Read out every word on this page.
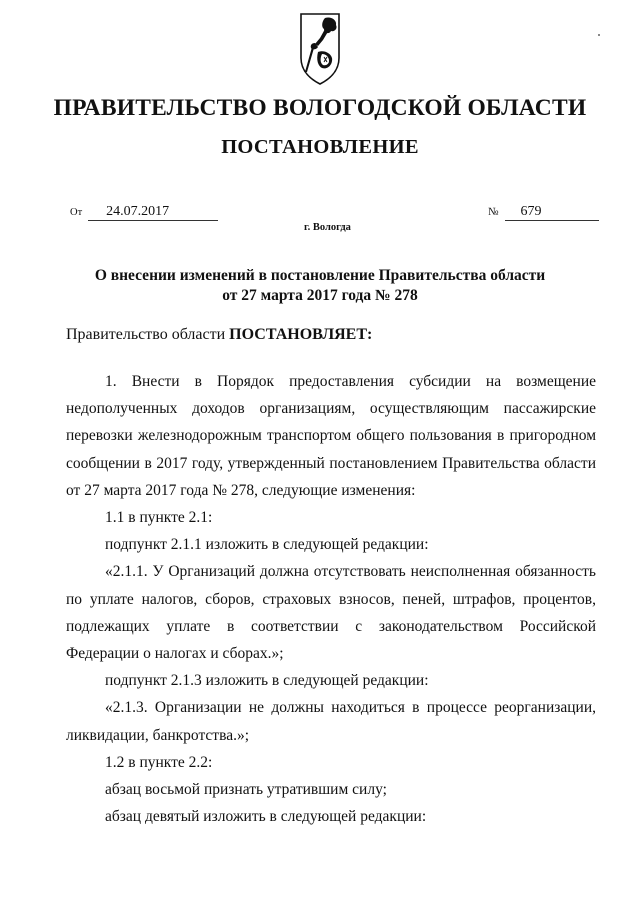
ПРАВИТЕЛЬСТВО ВОЛОГОДСКОЙ ОБЛАСТИ
ПОСТАНОВЛЕНИЕ
От 24.07.2017	№ 679
г. Вологда
О внесении изменений в постановление Правительства области
от 27 марта 2017 года № 278
Правительство области ПОСТАНОВЛЯЕТ:

1. Внести в Порядок предоставления субсидии на возмещение недополученных доходов организациям, осуществляющим пассажирские перевозки железнодорожным транспортом общего пользования в пригородном сообщении в 2017 году, утвержденный постановлением Правительства области от 27 марта 2017 года № 278, следующие изменения:

1.1 в пункте 2.1:

подпункт 2.1.1 изложить в следующей редакции:

«2.1.1. У Организаций должна отсутствовать неисполненная обязанность по уплате налогов, сборов, страховых взносов, пеней, штрафов, процентов, подлежащих уплате в соответствии с законодательством Российской Федерации о налогах и сборах.»;

подпункт 2.1.3 изложить в следующей редакции:

«2.1.3. Организации не должны находиться в процессе реорганизации, ликвидации, банкротства.»;

1.2 в пункте 2.2:

абзац восьмой признать утратившим силу;

абзац девятый изложить в следующей редакции:
